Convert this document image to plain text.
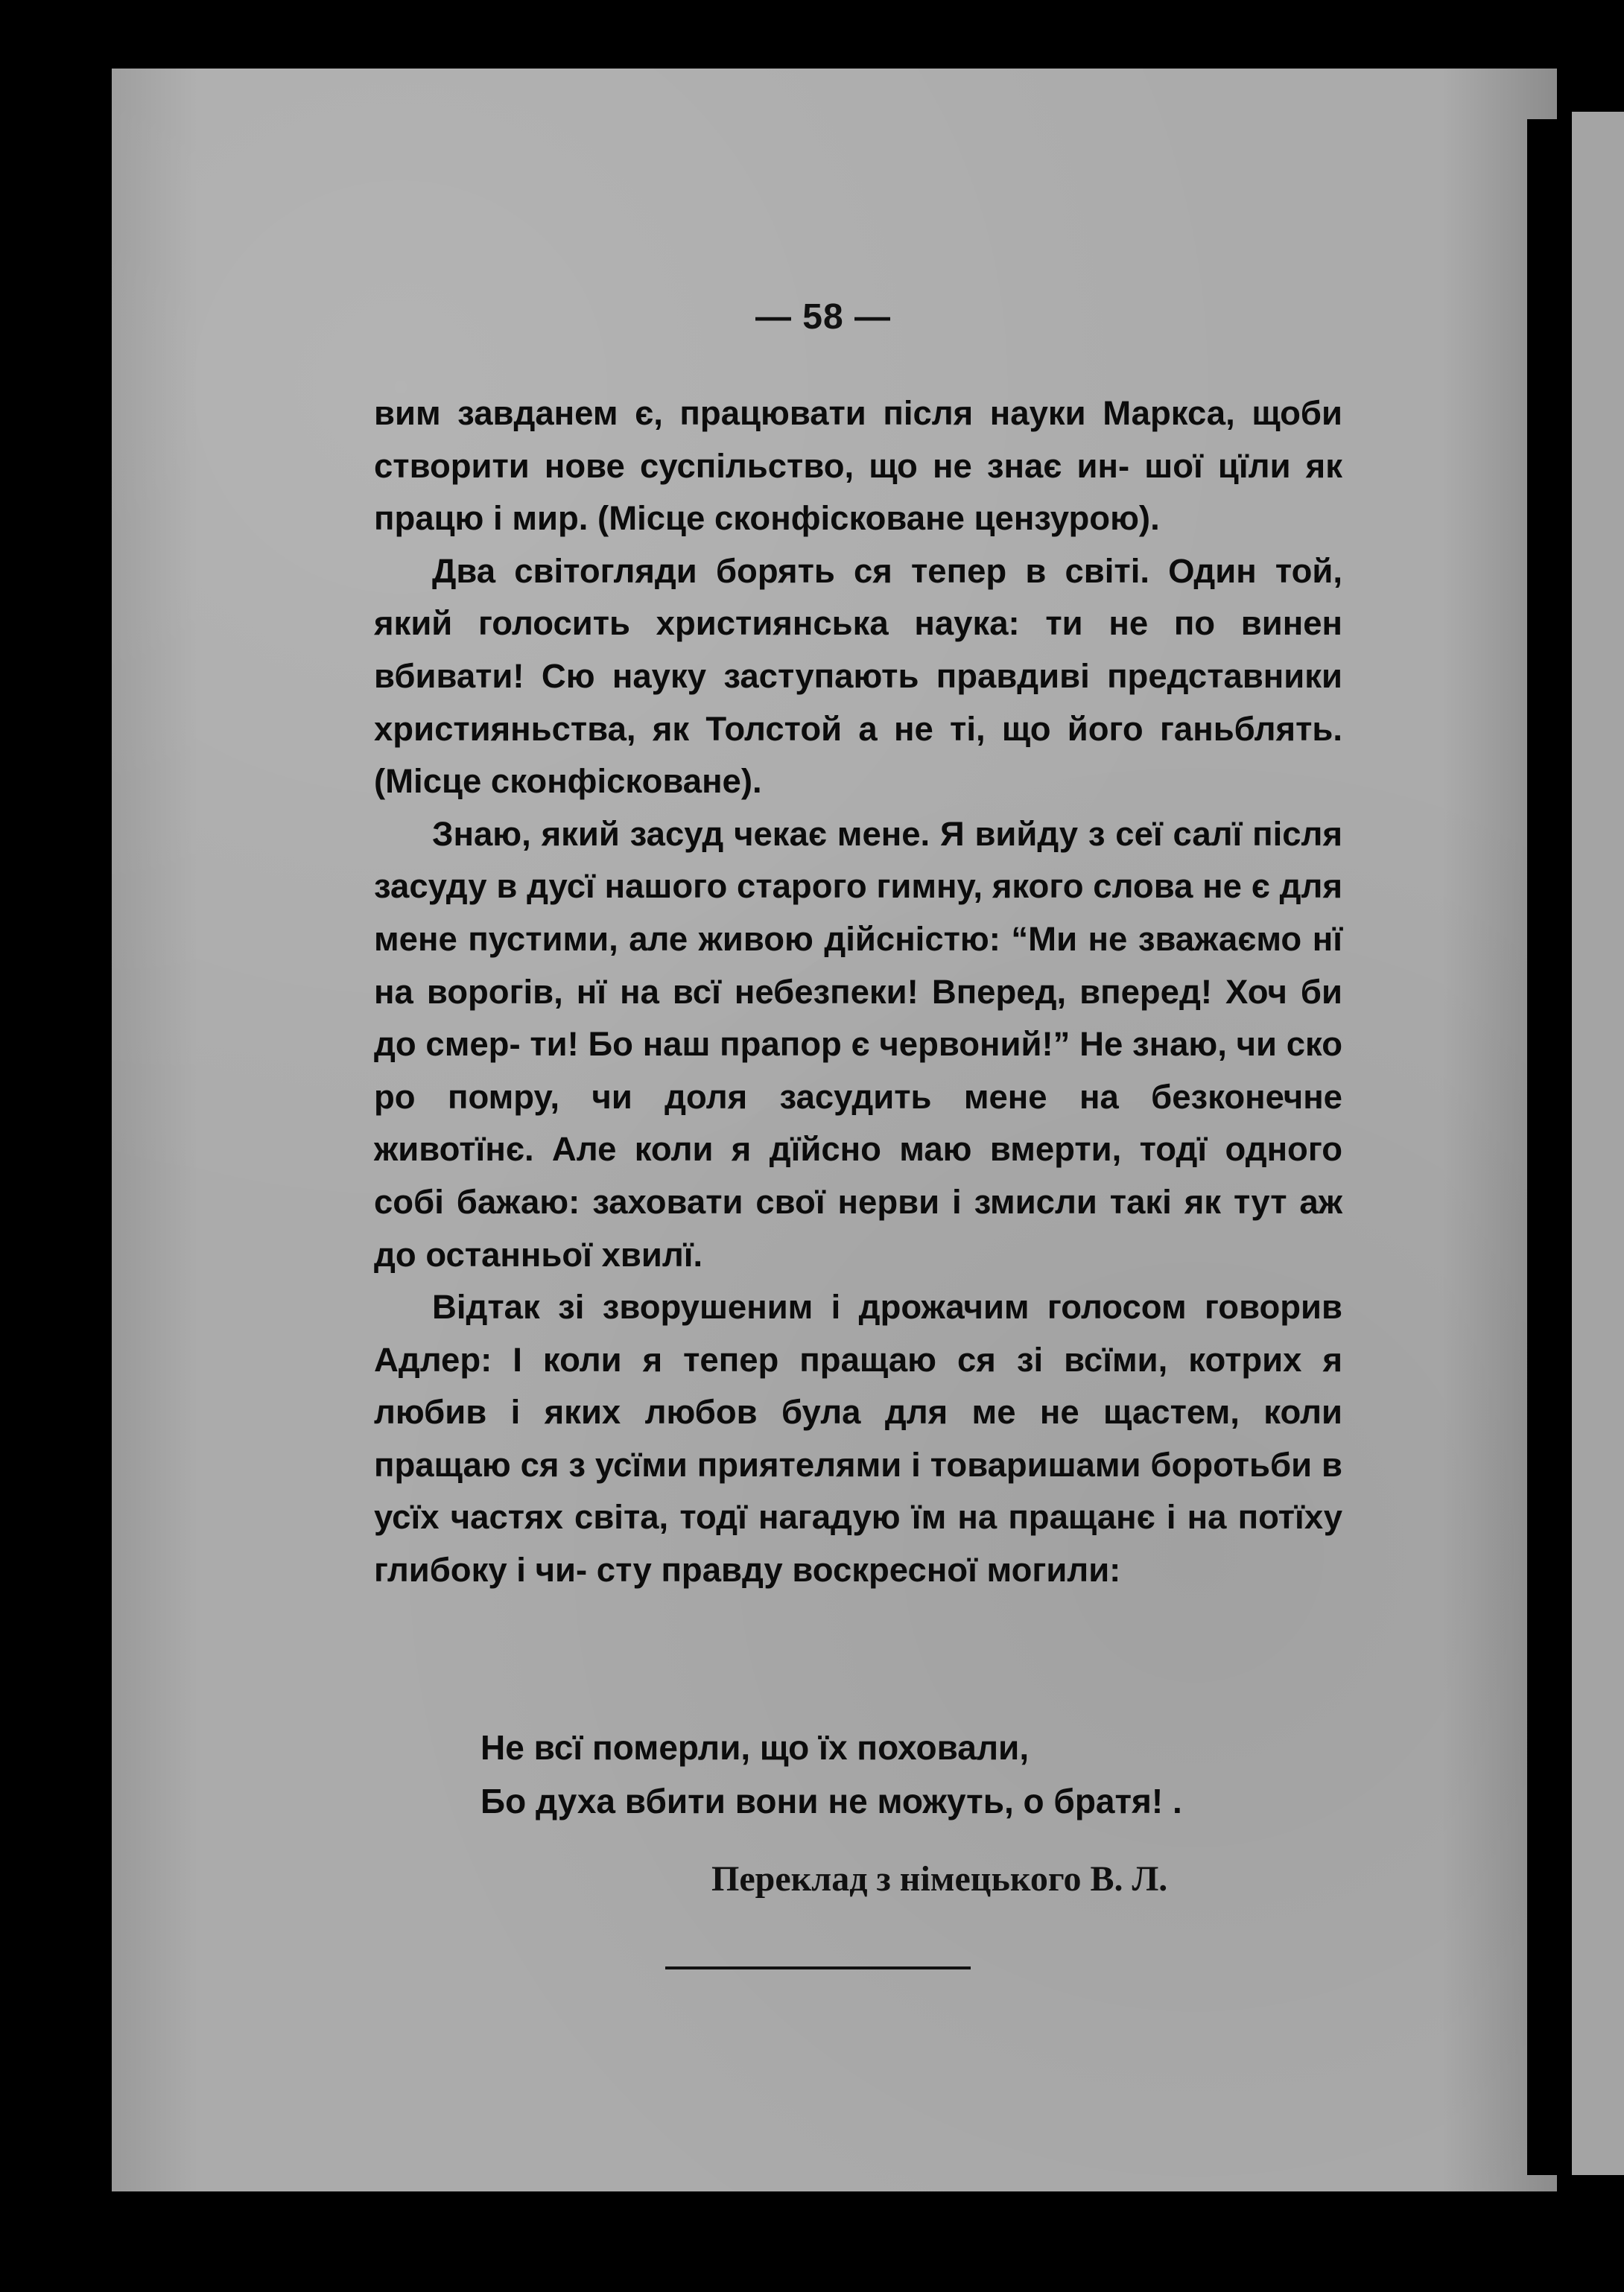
— 58 —

вим завданем є, працювати після науки Маркса, щоби створити нове суспільство, що не знає ин- шої цїли як працю і мир. (Місце сконфісковане цензурою).

Два світогляди борять ся тепер в світі. Один той, який голосить християнська наука: ти не по винен вбивати! Сю науку заступають правдиві представники християньства, як Толстой а не ті, що його ганьблять. (Місце сконфісковане).

Знаю, який засуд чекає мене. Я вийду з сеї салї після засуду в дусї нашого старого гимну, якого слова не є для мене пустими, але живою дійсністю: “Ми не зважаємо нї на ворогів, нї на всї небезпеки! Вперед, вперед! Хоч би до смер- ти! Бо наш прапор є червоний!” Не знаю, чи ско ро помру, чи доля засудить мене на безконечне животїнє. Але коли я дїйсно маю вмерти, тодї одного собі бажаю: заховати свої нерви і змисли такі як тут аж до останньої хвилї.

Відтак зі зворушеним і дрожачим голосом говорив Адлер: І коли я тепер пращаю ся зі всїми, котрих я любив і яких любов була для ме не щастем, коли пращаю ся з усїми приятелями і товаришами боротьби в усїх частях світа, тодї нагадую їм на пращанє і на потїху глибоку і чи- сту правду воскресної могили:

Не всї померли, що їх поховали,
Бо духа вбити вони не можуть, о братя! .
Переклад з німецького В. Л.
